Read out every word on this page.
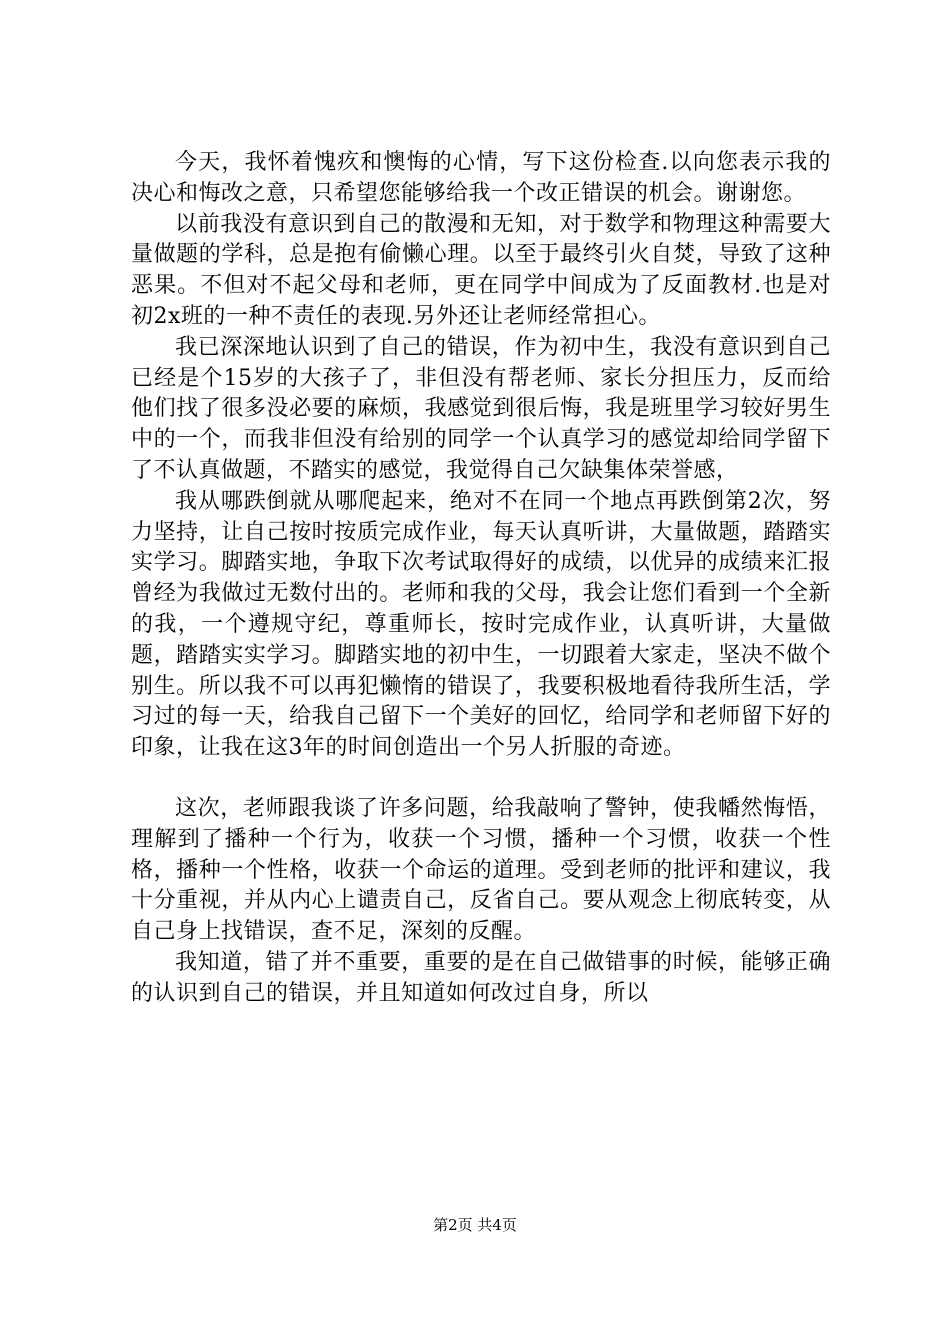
今天，我怀着愧疚和懊悔的心情，写下这份检查.以向您表示我的决心和悔改之意，只希望您能够给我一个改正错误的机会。谢谢您。

以前我没有意识到自己的散漫和无知，对于数学和物理这种需要大量做题的学科，总是抱有偷懒心理。以至于最终引火自焚，导致了这种恶果。不但对不起父母和老师，更在同学中间成为了反面教材.也是对初2x班的一种不责任的表现.另外还让老师经常担心。

我已深深地认识到了自己的错误，作为初中生，我没有意识到自己已经是个15岁的大孩子了，非但没有帮老师、家长分担压力，反而给他们找了很多没必要的麻烦，我感觉到很后悔，我是班里学习较好男生中的一个，而我非但没有给别的同学一个认真学习的感觉却给同学留下了不认真做题，不踏实的感觉，我觉得自己欠缺集体荣誉感，

我从哪跌倒就从哪爬起来，绝对不在同一个地点再跌倒第2次，努力坚持，让自己按时按质完成作业，每天认真听讲，大量做题，踏踏实实学习。脚踏实地，争取下次考试取得好的成绩，以优异的成绩来汇报曾经为我做过无数付出的。老师和我的父母，我会让您们看到一个全新的我，一个遵规守纪，尊重师长，按时完成作业，认真听讲，大量做题，踏踏实实学习。脚踏实地的初中生，一切跟着大家走，坚决不做个别生。所以我不可以再犯懒惰的错误了，我要积极地看待我所生活，学习过的每一天，给我自己留下一个美好的回忆，给同学和老师留下好的印象，让我在这3年的时间创造出一个另人折服的奇迹。

这次，老师跟我谈了许多问题，给我敲响了警钟，使我幡然悔悟，理解到了播种一个行为，收获一个习惯，播种一个习惯，收获一个性格，播种一个性格，收获一个命运的道理。受到老师的批评和建议，我十分重视，并从内心上谴责自己，反省自己。要从观念上彻底转变，从自己身上找错误，查不足，深刻的反醒。

我知道，错了并不重要，重要的是在自己做错事的时候，能够正确的认识到自己的错误，并且知道如何改过自身，所以

第2页 共4页
